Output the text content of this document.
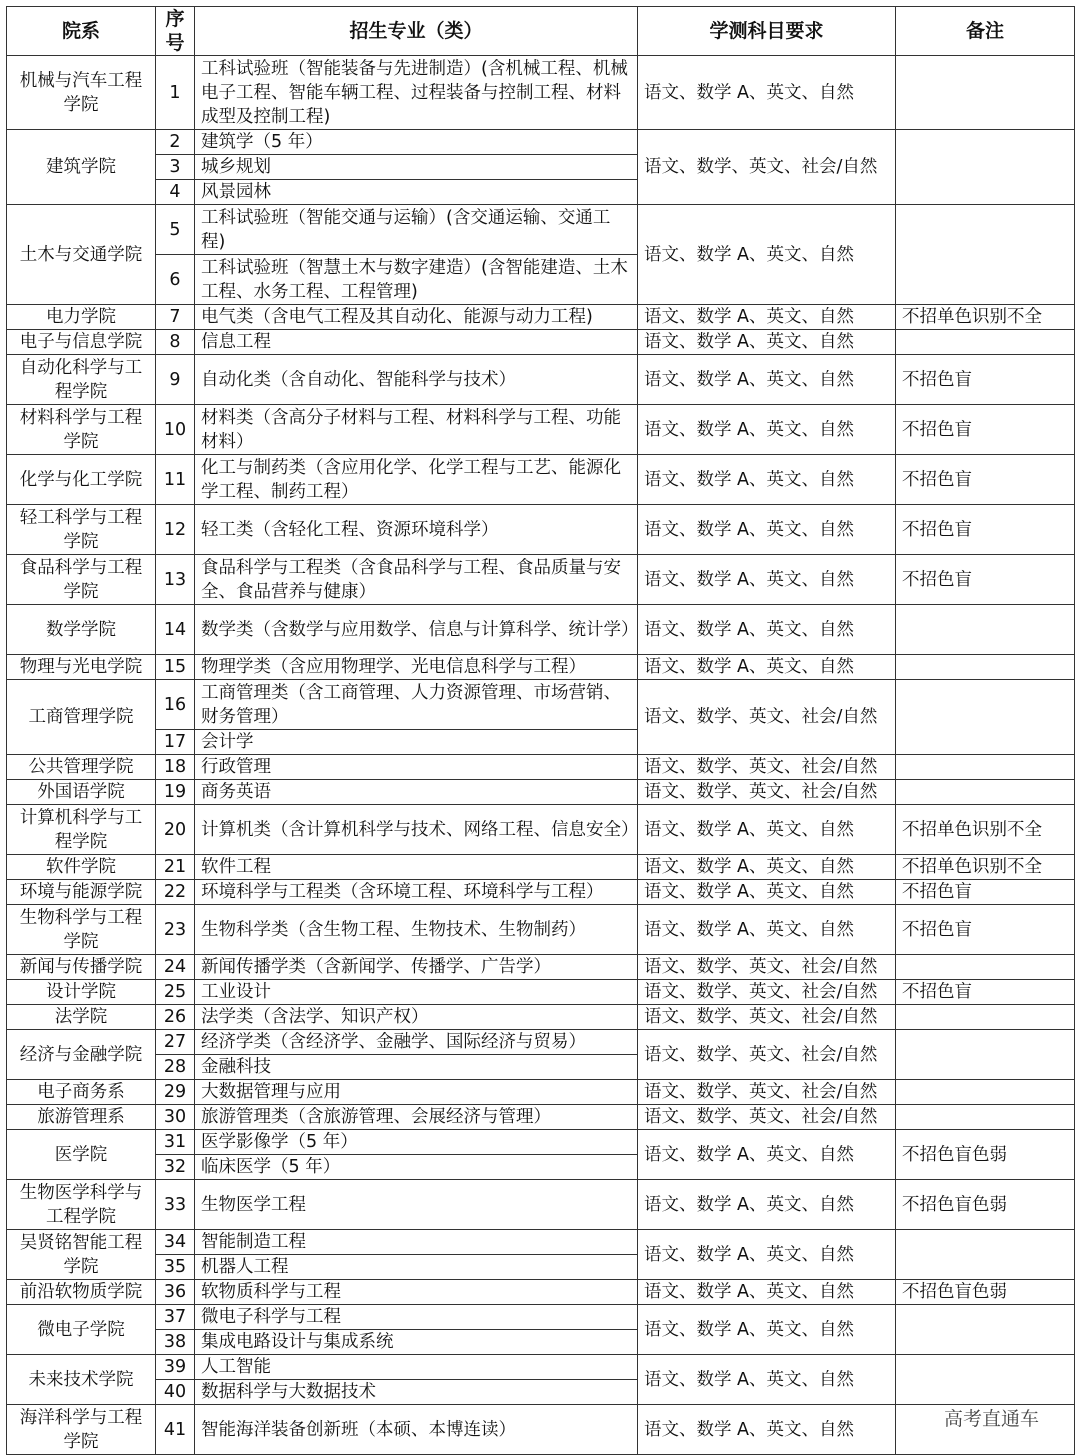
院系	序号	招生专业（类）	学测科目要求	备注
机械与汽车工程学院	1	工科试验班（智能装备与先进制造）(含机械工程、机械电子工程、智能车辆工程、过程装备与控制工程、材料成型及控制工程)	语文、数学 A、英文、自然	
建筑学院	2	建筑学（5 年）	语文、数学、英文、社会/自然	
	3	城乡规划		
	4	风景园林		
土木与交通学院	5	工科试验班（智能交通与运输）(含交通运输、交通工程)	语文、数学 A、英文、自然	
	6	工科试验班（智慧土木与数字建造）(含智能建造、土木工程、水务工程、工程管理)		
电力学院	7	电气类（含电气工程及其自动化、能源与动力工程)	语文、数学 A、英文、自然	不招单色识别不全
电子与信息学院	8	信息工程	语文、数学 A、英文、自然	
自动化科学与工程学院	9	自动化类（含自动化、智能科学与技术）	语文、数学 A、英文、自然	不招色盲
材料科学与工程学院	10	材料类（含高分子材料与工程、材料科学与工程、功能材料）	语文、数学 A、英文、自然	不招色盲
化学与化工学院	11	化工与制药类（含应用化学、化学工程与工艺、能源化学工程、制药工程）	语文、数学 A、英文、自然	不招色盲
轻工科学与工程学院	12	轻工类（含轻化工程、资源环境科学）	语文、数学 A、英文、自然	不招色盲
食品科学与工程学院	13	食品科学与工程类（含食品科学与工程、食品质量与安全、食品营养与健康）	语文、数学 A、英文、自然	不招色盲
数学学院	14	数学类（含数学与应用数学、信息与计算科学、统计学）	语文、数学 A、英文、自然	
物理与光电学院	15	物理学类（含应用物理学、光电信息科学与工程）	语文、数学 A、英文、自然	
工商管理学院	16	工商管理类（含工商管理、人力资源管理、市场营销、财务管理）	语文、数学、英文、社会/自然	
	17	会计学		
公共管理学院	18	行政管理	语文、数学、英文、社会/自然	
外国语学院	19	商务英语	语文、数学、英文、社会/自然	
计算机科学与工程学院	20	计算机类（含计算机科学与技术、网络工程、信息安全）	语文、数学 A、英文、自然	不招单色识别不全
软件学院	21	软件工程	语文、数学 A、英文、自然	不招单色识别不全
环境与能源学院	22	环境科学与工程类（含环境工程、环境科学与工程）	语文、数学 A、英文、自然	不招色盲
生物科学与工程学院	23	生物科学类（含生物工程、生物技术、生物制药）	语文、数学 A、英文、自然	不招色盲
新闻与传播学院	24	新闻传播学类（含新闻学、传播学、广告学）	语文、数学、英文、社会/自然	
设计学院	25	工业设计	语文、数学、英文、社会/自然	不招色盲
法学院	26	法学类（含法学、知识产权）	语文、数学、英文、社会/自然	
经济与金融学院	27	经济学类（含经济学、金融学、国际经济与贸易）	语文、数学、英文、社会/自然	
	28	金融科技		
电子商务系	29	大数据管理与应用	语文、数学、英文、社会/自然	
旅游管理系	30	旅游管理类（含旅游管理、会展经济与管理）	语文、数学、英文、社会/自然	
医学院	31	医学影像学（5 年）	语文、数学 A、英文、自然	不招色盲色弱
	32	临床医学（5 年）		
生物医学科学与工程学院	33	生物医学工程	语文、数学 A、英文、自然	不招色盲色弱
吴贤铭智能工程学院	34	智能制造工程	语文、数学 A、英文、自然	
	35	机器人工程		
前沿软物质学院	36	软物质科学与工程	语文、数学 A、英文、自然	不招色盲色弱
微电子学院	37	微电子科学与工程	语文、数学 A、英文、自然	
	38	集成电路设计与集成系统		
未来技术学院	39	人工智能	语文、数学 A、英文、自然	
	40	数据科学与大数据技术		
海洋科学与工程学院	41	智能海洋装备创新班（本硕、本博连读）	语文、数学 A、英文、自然		高考直通车
